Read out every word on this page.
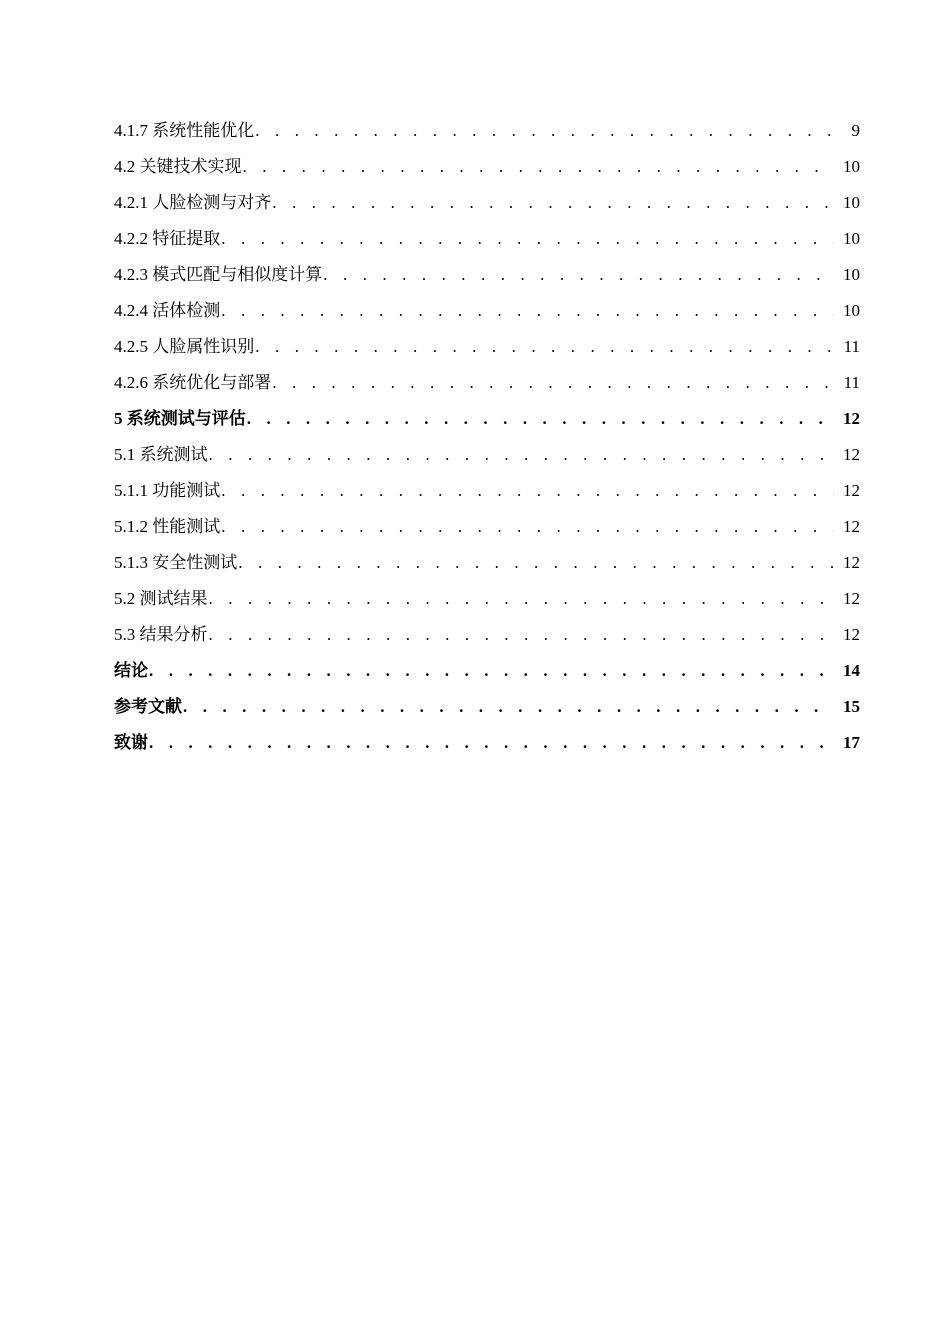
4.1.7 系统性能优化 . . .	9
4.2 关键技术实现 . . .	10
4.2.1 人脸检测与对齐 . . .	10
4.2.2 特征提取 . . .	10
4.2.3 模式匹配与相似度计算 . . .	10
4.2.4 活体检测 . . .	10
4.2.5 人脸属性识别 . . .	11
4.2.6 系统优化与部署 . . .	11
5 系统测试与评估 . . .	12
5.1 系统测试 . . .	12
5.1.1 功能测试 . . .	12
5.1.2 性能测试 . . .	12
5.1.3 安全性测试 . . .	12
5.2 测试结果 . . .	12
5.3 结果分析 . . .	12
结论 . . .	14
参考文献 . . .	15
致谢 . . .	17
